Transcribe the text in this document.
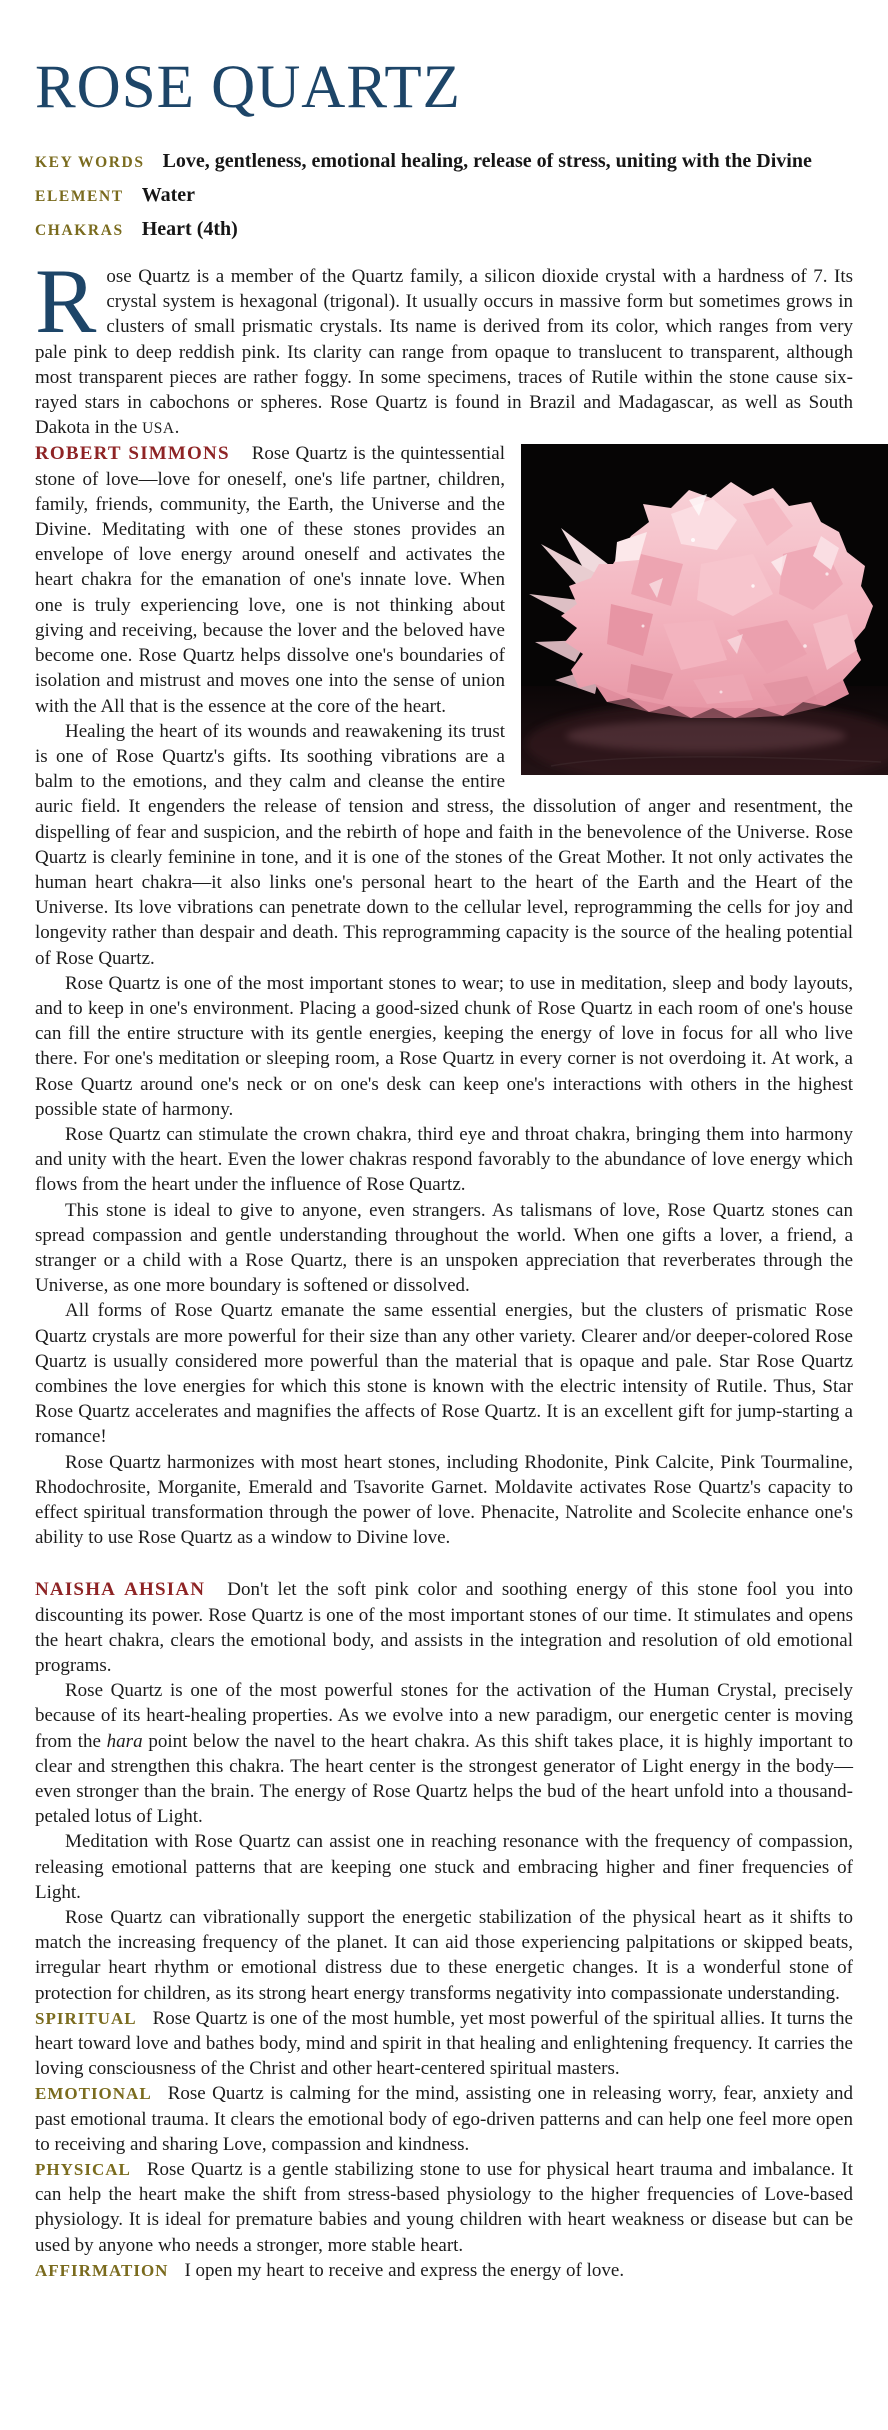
ROSE QUARTZ

KEY WORDS Love, gentleness, emotional healing, release of stress, uniting with the Divine

ELEMENT Water

CHAKRAS Heart (4th)

Rose Quartz is a member of the Quartz family, a silicon dioxide crystal with a hardness of 7. Its crystal system is hexagonal (trigonal). It usually occurs in massive form but sometimes grows in clusters of small prismatic crystals. Its name is derived from its color, which ranges from very pale pink to deep reddish pink. Its clarity can range from opaque to translucent to transparent, although most transparent pieces are rather foggy. In some specimens, traces of Rutile within the stone cause six-rayed stars in cabochons or spheres. Rose Quartz is found in Brazil and Madagascar, as well as South Dakota in the USA.

ROBERT SIMMONS Rose Quartz is the quintessential stone of love—love for oneself, one's life partner, children, family, friends, community, the Earth, the Universe and the Divine. Meditating with one of these stones provides an envelope of love energy around oneself and activates the heart chakra for the emanation of one's innate love. When one is truly experiencing love, one is not thinking about giving and receiving, because the lover and the beloved have become one. Rose Quartz helps dissolve one's boundaries of isolation and mistrust and moves one into the sense of union with the All that is the essence at the core of the heart.

Healing the heart of its wounds and reawakening its trust is one of Rose Quartz's gifts. Its soothing vibrations are a balm to the emotions, and they calm and cleanse the entire auric field. It engenders the release of tension and stress, the dissolution of anger and resentment, the dispelling of fear and suspicion, and the rebirth of hope and faith in the benevolence of the Universe. Rose Quartz is clearly feminine in tone, and it is one of the stones of the Great Mother. It not only activates the human heart chakra—it also links one's personal heart to the heart of the Earth and the Heart of the Universe. Its love vibrations can penetrate down to the cellular level, reprogramming the cells for joy and longevity rather than despair and death. This reprogramming capacity is the source of the healing potential of Rose Quartz.

Rose Quartz is one of the most important stones to wear; to use in meditation, sleep and body layouts, and to keep in one's environment. Placing a good-sized chunk of Rose Quartz in each room of one's house can fill the entire structure with its gentle energies, keeping the energy of love in focus for all who live there. For one's meditation or sleeping room, a Rose Quartz in every corner is not overdoing it. At work, a Rose Quartz around one's neck or on one's desk can keep one's interactions with others in the highest possible state of harmony.

Rose Quartz can stimulate the crown chakra, third eye and throat chakra, bringing them into harmony and unity with the heart. Even the lower chakras respond favorably to the abundance of love energy which flows from the heart under the influence of Rose Quartz.

This stone is ideal to give to anyone, even strangers. As talismans of love, Rose Quartz stones can spread compassion and gentle understanding throughout the world. When one gifts a lover, a friend, a stranger or a child with a Rose Quartz, there is an unspoken appreciation that reverberates through the Universe, as one more boundary is softened or dissolved.

All forms of Rose Quartz emanate the same essential energies, but the clusters of prismatic Rose Quartz crystals are more powerful for their size than any other variety. Clearer and/or deeper-colored Rose Quartz is usually considered more powerful than the material that is opaque and pale. Star Rose Quartz combines the love energies for which this stone is known with the electric intensity of Rutile. Thus, Star Rose Quartz accelerates and magnifies the affects of Rose Quartz. It is an excellent gift for jump-starting a romance!

Rose Quartz harmonizes with most heart stones, including Rhodonite, Pink Calcite, Pink Tourmaline, Rhodochrosite, Morganite, Emerald and Tsavorite Garnet. Moldavite activates Rose Quartz's capacity to effect spiritual transformation through the power of love. Phenacite, Natrolite and Scolecite enhance one's ability to use Rose Quartz as a window to Divine love.

NAISHA AHSIAN Don't let the soft pink color and soothing energy of this stone fool you into discounting its power. Rose Quartz is one of the most important stones of our time. It stimulates and opens the heart chakra, clears the emotional body, and assists in the integration and resolution of old emotional programs.

Rose Quartz is one of the most powerful stones for the activation of the Human Crystal, precisely because of its heart-healing properties. As we evolve into a new paradigm, our energetic center is moving from the hara point below the navel to the heart chakra. As this shift takes place, it is highly important to clear and strengthen this chakra. The heart center is the strongest generator of Light energy in the body—even stronger than the brain. The energy of Rose Quartz helps the bud of the heart unfold into a thousand-petaled lotus of Light.

Meditation with Rose Quartz can assist one in reaching resonance with the frequency of compassion, releasing emotional patterns that are keeping one stuck and embracing higher and finer frequencies of Light.

Rose Quartz can vibrationally support the energetic stabilization of the physical heart as it shifts to match the increasing frequency of the planet. It can aid those experiencing palpitations or skipped beats, irregular heart rhythm or emotional distress due to these energetic changes. It is a wonderful stone of protection for children, as its strong heart energy transforms negativity into compassionate understanding.

SPIRITUAL Rose Quartz is one of the most humble, yet most powerful of the spiritual allies. It turns the heart toward love and bathes body, mind and spirit in that healing and enlightening frequency. It carries the loving consciousness of the Christ and other heart-centered spiritual masters.

EMOTIONAL Rose Quartz is calming for the mind, assisting one in releasing worry, fear, anxiety and past emotional trauma. It clears the emotional body of ego-driven patterns and can help one feel more open to receiving and sharing Love, compassion and kindness.

PHYSICAL Rose Quartz is a gentle stabilizing stone to use for physical heart trauma and imbalance. It can help the heart make the shift from stress-based physiology to the higher frequencies of Love-based physiology. It is ideal for premature babies and young children with heart weakness or disease but can be used by anyone who needs a stronger, more stable heart.

AFFIRMATION I open my heart to receive and express the energy of love.
